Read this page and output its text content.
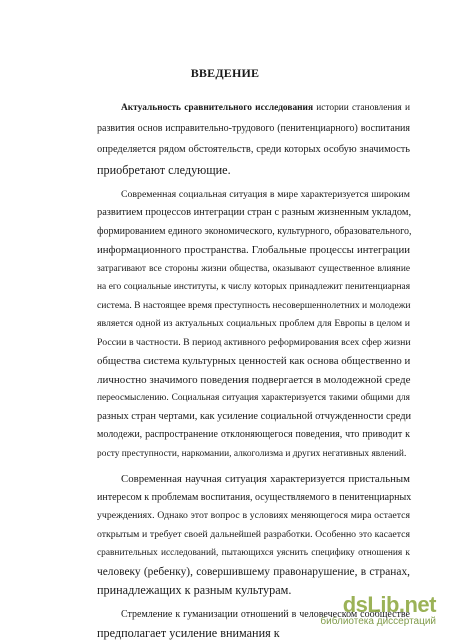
ВВЕДЕНИЕ
Актуальность сравнительного исследования истории становления и
развития основ исправительно-трудового (пенитенциарного) воспитания
определяется рядом обстоятельств, среди которых особую значимость
приобретают следующие.
Современная социальная ситуация в мире характеризуется широким
развитием процессов интеграции стран с разным жизненным укладом,
формированием единого экономического, культурного, образовательного,
информационного пространства. Глобальные процессы интеграции
затрагивают все стороны жизни общества, оказывают существенное влияние
на его социальные институты, к числу которых принадлежит пенитенциарная
система. В настоящее время преступность несовершеннолетних и молодежи
является одной из актуальных социальных проблем для Европы в целом и
России в частности. В период активного реформирования всех сфер жизни
общества система культурных ценностей как основа общественно и
личностно значимого поведения подвергается в молодежной среде
переосмыслению. Социальная ситуация характеризуется такими общими для
разных стран чертами, как усиление социальной отчужденности среди
молодежи, распространение отклоняющегося поведения, что приводит к
росту преступности, наркомании, алкоголизма и других негативных явлений.
Современная научная ситуация характеризуется пристальным
интересом к проблемам воспитания, осуществляемого в пенитенциарных
учреждениях. Однако этот вопрос в условиях меняющегося мира остается
открытым и требует своей дальнейшей разработки. Особенно это касается
сравнительных исследований, пытающихся уяснить специфику отношения к
человеку (ребенку), совершившему правонарушение, в странах,
принадлежащих к разным культурам.
Стремление к гуманизации отношений в человеческом сообществе
предполагает усиление внимания к
dsLib.net
библиотека диссертаций
